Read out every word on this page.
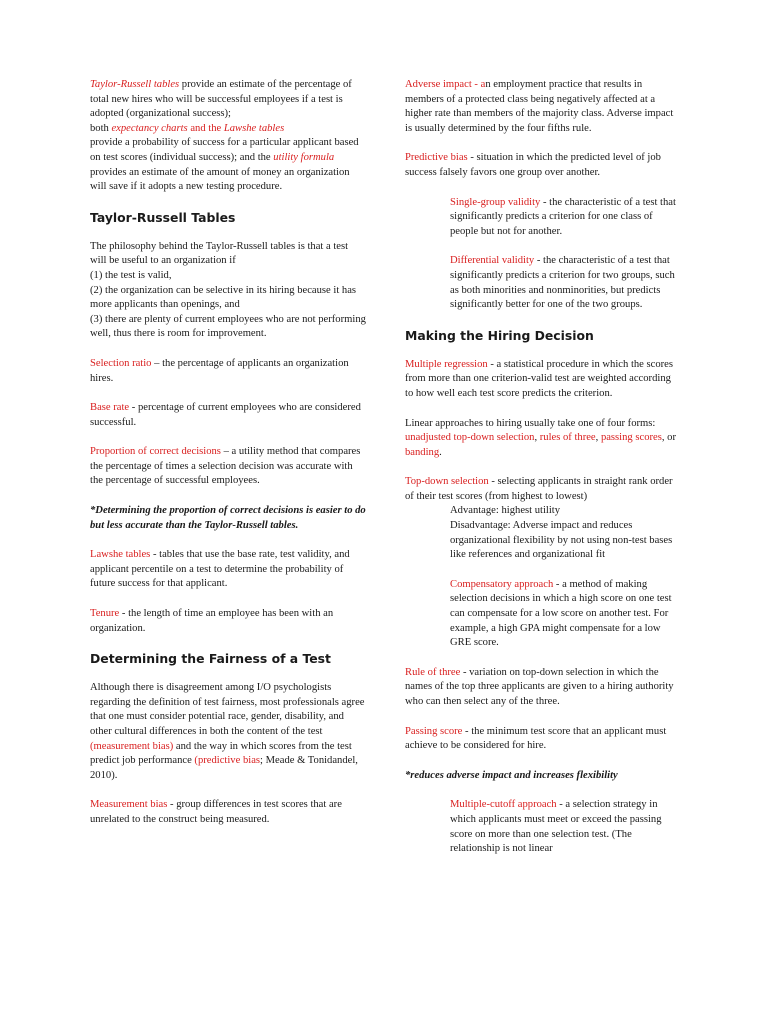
Taylor-Russell tables provide an estimate of the percentage of total new hires who will be successful employees if a test is adopted (organizational success);
both expectancy charts and the Lawshe tables
provide a probability of success for a particular applicant based on test scores (individual success); and the utility formula provides an estimate of the amount of money an organization will save if it adopts a new testing procedure.

Taylor-Russell Tables

The philosophy behind the Taylor-Russell tables is that a test will be useful to an organization if
(1) the test is valid,
(2) the organization can be selective in its hiring because it has more applicants than openings, and
(3) there are plenty of current employees who are not performing well, thus there is room for improvement.

Selection ratio – the percentage of applicants an organization hires.

Base rate - percentage of current employees who are considered successful.

Proportion of correct decisions – a utility method that compares the percentage of times a selection decision was accurate with the percentage of successful employees.

*Determining the proportion of correct decisions is easier to do but less accurate than the Taylor-Russell tables.

Lawshe tables - tables that use the base rate, test validity, and applicant percentile on a test to determine the probability of future success for that applicant.

Tenure - the length of time an employee has been with an organization.

Determining the Fairness of a Test

Although there is disagreement among I/O psychologists regarding the definition of test fairness, most professionals agree that one must consider potential race, gender, disability, and other cultural differences in both the content of the test (measurement bias) and the way in which scores from the test predict job performance (predictive bias; Meade & Tonidandel, 2010).

Measurement bias - group differences in test scores that are unrelated to the construct being measured.

Adverse impact - an employment practice that results in members of a protected class being negatively affected at a higher rate than members of the majority class. Adverse impact is usually determined by the four fifths rule.

Predictive bias - situation in which the predicted level of job success falsely favors one group over another.

Single-group validity - the characteristic of a test that significantly predicts a criterion for one class of people but not for another.

Differential validity - the characteristic of a test that significantly predicts a criterion for two groups, such as both minorities and nonminorities, but predicts significantly better for one of the two groups.

Making the Hiring Decision

Multiple regression - a statistical procedure in which the scores from more than one criterion-valid test are weighted according to how well each test score predicts the criterion.

Linear approaches to hiring usually take one of four forms: unadjusted top-down selection, rules of three, passing scores, or banding.

Top-down selection - selecting applicants in straight rank order of their test scores (from highest to lowest)

Advantage: highest utility

Disadvantage: Adverse impact and reduces organizational flexibility by not using non-test bases like references and organizational fit

Compensatory approach - a method of making selection decisions in which a high score on one test can compensate for a low score on another test. For example, a high GPA might compensate for a low GRE score.

Rule of three - variation on top-down selection in which the names of the top three applicants are given to a hiring authority who can then select any of the three.

Passing score - the minimum test score that an applicant must achieve to be considered for hire.

*reduces adverse impact and increases flexibility

Multiple-cutoff approach - a selection strategy in which applicants must meet or exceed the passing score on more than one selection test. (The relationship is not linear
